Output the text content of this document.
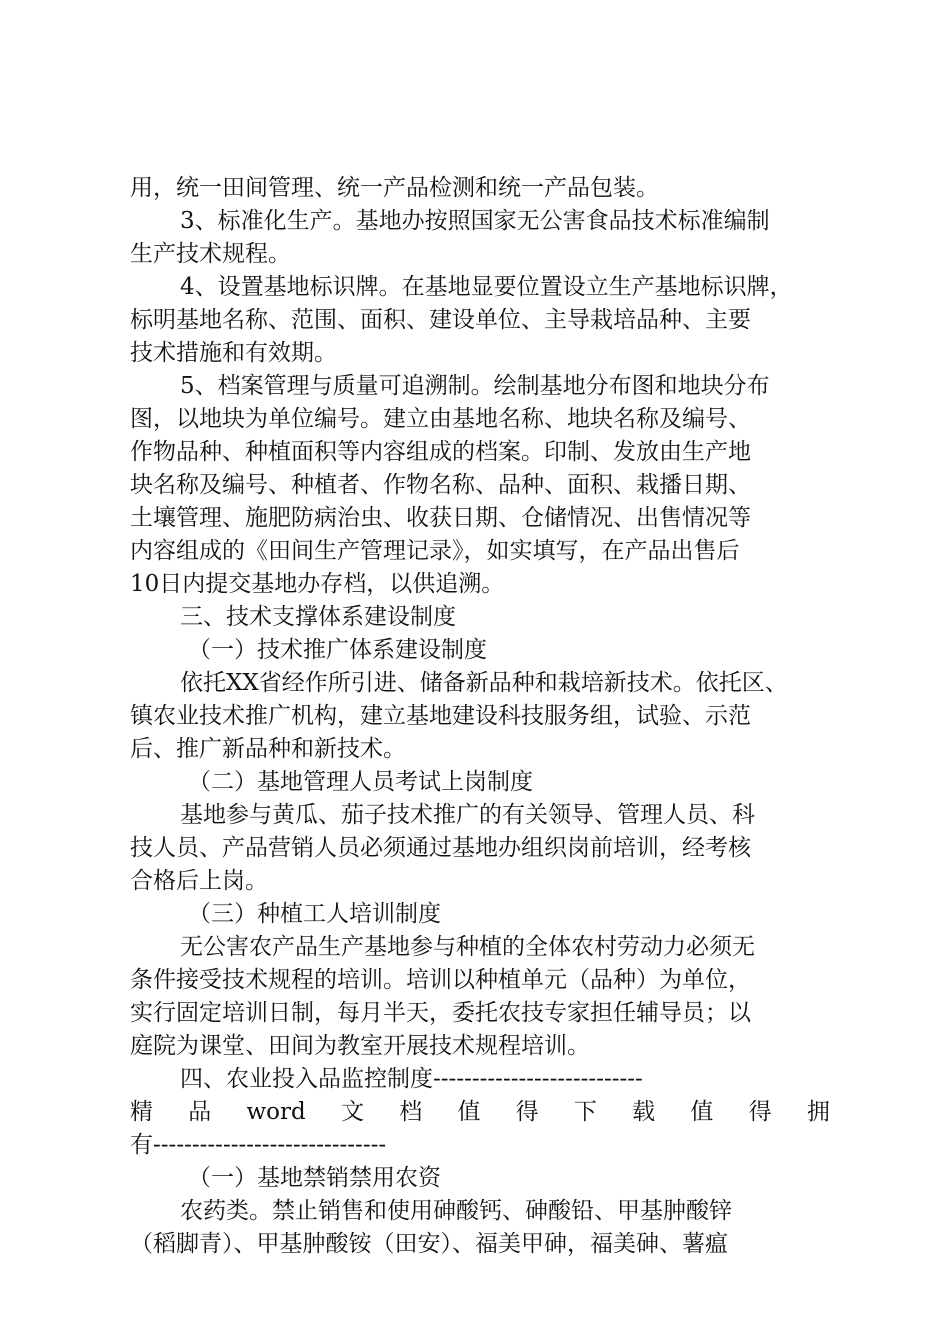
用，统一田间管理、统一产品检测和统一产品包装。
3、标准化生产。基地办按照国家无公害食品技术标准编制
生产技术规程。
4、设置基地标识牌。在基地显要位置设立生产基地标识牌，
标明基地名称、范围、面积、建设单位、主导栽培品种、主要
技术措施和有效期。
5、档案管理与质量可追溯制。绘制基地分布图和地块分布
图，以地块为单位编号。建立由基地名称、地块名称及编号、
作物品种、种植面积等内容组成的档案。印制、发放由生产地
块名称及编号、种植者、作物名称、品种、面积、栽播日期、
土壤管理、施肥防病治虫、收获日期、仓储情况、出售情况等
内容组成的《田间生产管理记录》，如实填写，在产品出售后
10日内提交基地办存档，以供追溯。
三、技术支撑体系建设制度
（一）技术推广体系建设制度
依托XX省经作所引进、储备新品种和栽培新技术。依托区、
镇农业技术推广机构，建立基地建设科技服务组，试验、示范
后、推广新品种和新技术。
（二）基地管理人员考试上岗制度
基地参与黄瓜、茄子技术推广的有关领导、管理人员、科
技人员、产品营销人员必须通过基地办组织岗前培训，经考核
合格后上岗。
（三）种植工人培训制度
无公害农产品生产基地参与种植的全体农村劳动力必须无
条件接受技术规程的培训。培训以种植单元（品种）为单位，
实行固定培训日制，每月半天，委托农技专家担任辅导员；以
庭院为课堂、田间为教室开展技术规程培训。
四、农业投入品监控制度---------------------------
精 品 word 文 档 值 得 下 载 值 得 拥
有------------------------------
（一）基地禁销禁用农资
农药类。禁止销售和使用砷酸钙、砷酸铅、甲基肿酸锌
（稻脚青）、甲基肿酸铵（田安）、福美甲砷，福美砷、薯瘟
